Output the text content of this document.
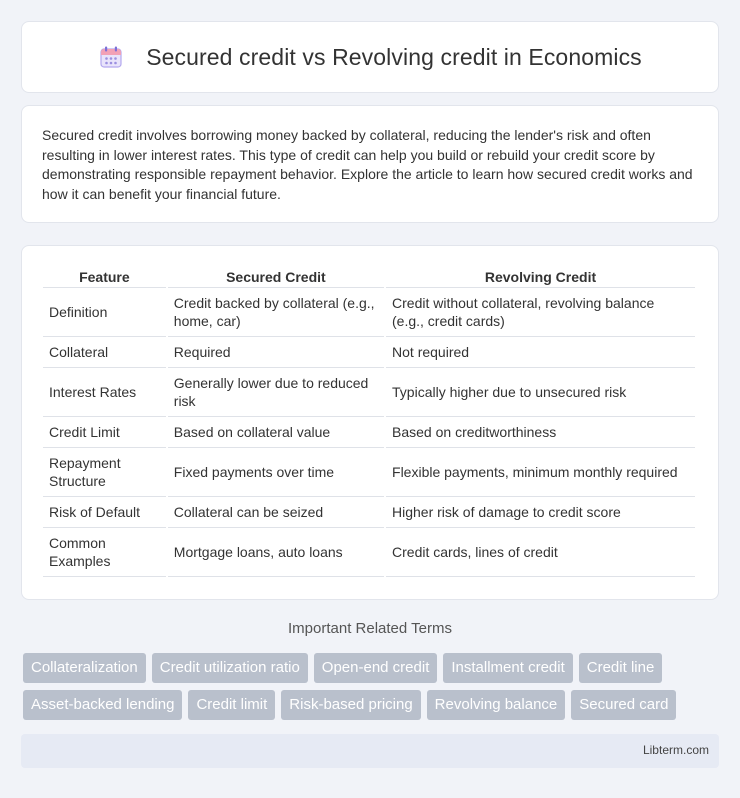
Secured credit vs Revolving credit in Economics

Secured credit involves borrowing money backed by collateral, reducing the lender's risk and often resulting in lower interest rates. This type of credit can help you build or rebuild your credit score by demonstrating responsible repayment behavior. Explore the article to learn how secured credit works and how it can benefit your financial future.

Feature	Secured Credit	Revolving Credit
Definition	Credit backed by collateral (e.g., home, car)	Credit without collateral, revolving balance (e.g., credit cards)
Collateral	Required	Not required
Interest Rates	Generally lower due to reduced risk	Typically higher due to unsecured risk
Credit Limit	Based on collateral value	Based on creditworthiness
Repayment Structure	Fixed payments over time	Flexible payments, minimum monthly required
Risk of Default	Collateral can be seized	Higher risk of damage to credit score
Common Examples	Mortgage loans, auto loans	Credit cards, lines of credit
Important Related Terms
Collateralization	Credit utilization ratio	Open-end credit	Installment credit	Credit line
Asset-backed lending	Credit limit	Risk-based pricing	Revolving balance	Secured card
Libterm.com
